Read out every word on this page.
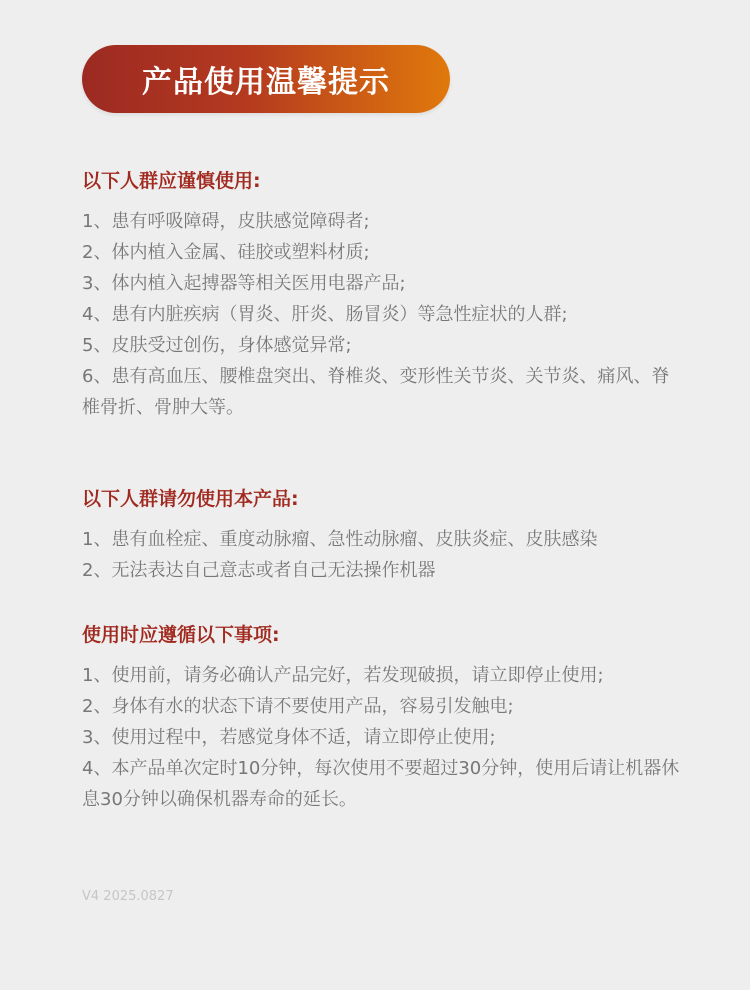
产品使用温馨提示
以下人群应谨慎使用:

1、患有呼吸障碍，皮肤感觉障碍者;

2、体内植入金属、硅胶或塑料材质;

3、体内植入起搏器等相关医用电器产品;

4、患有内脏疾病（胃炎、肝炎、肠冒炎）等急性症状的人群;

5、皮肤受过创伤，身体感觉异常;

6、患有高血压、腰椎盘突出、脊椎炎、变形性关节炎、关节炎、痛风、脊椎骨折、骨肿大等。

以下人群请勿使用本产品:

1、患有血栓症、重度动脉瘤、急性动脉瘤、皮肤炎症、皮肤感染

2、无法表达自己意志或者自己无法操作机器

使用时应遵循以下事项:

1、使用前，请务必确认产品完好，若发现破损，请立即停止使用;

2、身体有水的状态下请不要使用产品，容易引发触电;

3、使用过程中，若感觉身体不适，请立即停止使用;

4、本产品单次定时10分钟，每次使用不要超过30分钟，使用后请让机器休息30分钟以确保机器寿命的延长。

V4 2025.0827
